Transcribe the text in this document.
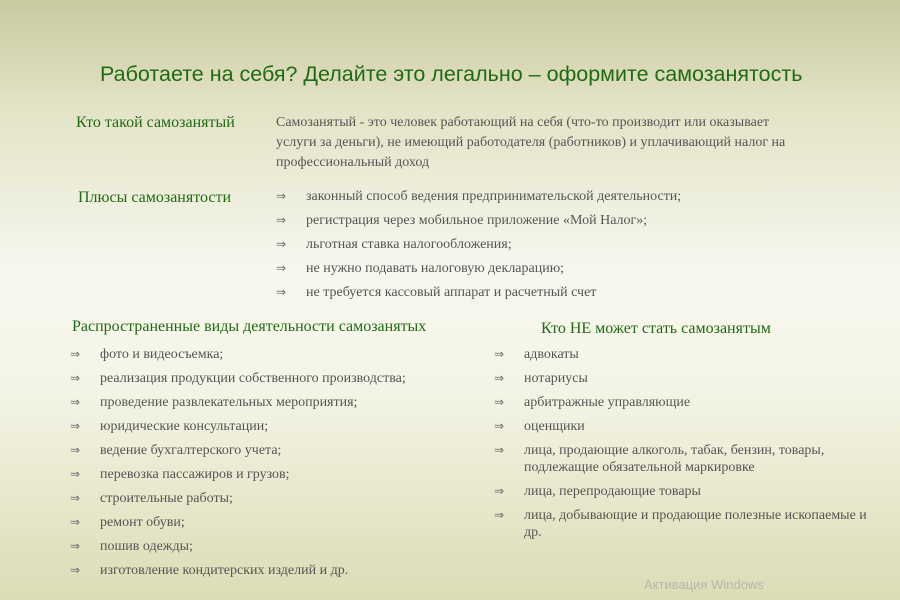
Работаете на себя? Делайте это легально – оформите самозанятость
Кто такой самозанятый	Самозанятый - это человек работающий на себя (что-то производит или оказывает услуги за деньги), не имеющий работодателя (работников) и уплачивающий налог на профессиональный доход
Плюсы самозанятости	⇒ законный способ ведения предпринимательской деятельности;
⇒ регистрация через мобильное приложение «Мой Налог»;
⇒ льготная ставка налогообложения;
⇒ не нужно подавать налоговую декларацию;
⇒ не требуется кассовый аппарат и расчетный счет
Распространенные виды деятельности самозанятых
⇒ фото и видеосъемка;
⇒ реализация продукции собственного производства;
⇒ проведение развлекательных мероприятия;
⇒ юридические консультации;
⇒ ведение бухгалтерского учета;
⇒ перевозка пассажиров и грузов;
⇒ строительные работы;
⇒ ремонт обуви;
⇒ пошив одежды;
⇒ изготовление кондитерских изделий и др.
Кто НЕ может стать самозанятым
⇒ адвокаты
⇒ нотариусы
⇒ арбитражные управляющие
⇒ оценщики
⇒ лица, продающие алкоголь, табак, бензин, товары, подлежащие обязательной маркировке
⇒ лица, перепродающие товары
⇒ лица, добывающие и продающие полезные ископаемые и др.
Активация Windows
